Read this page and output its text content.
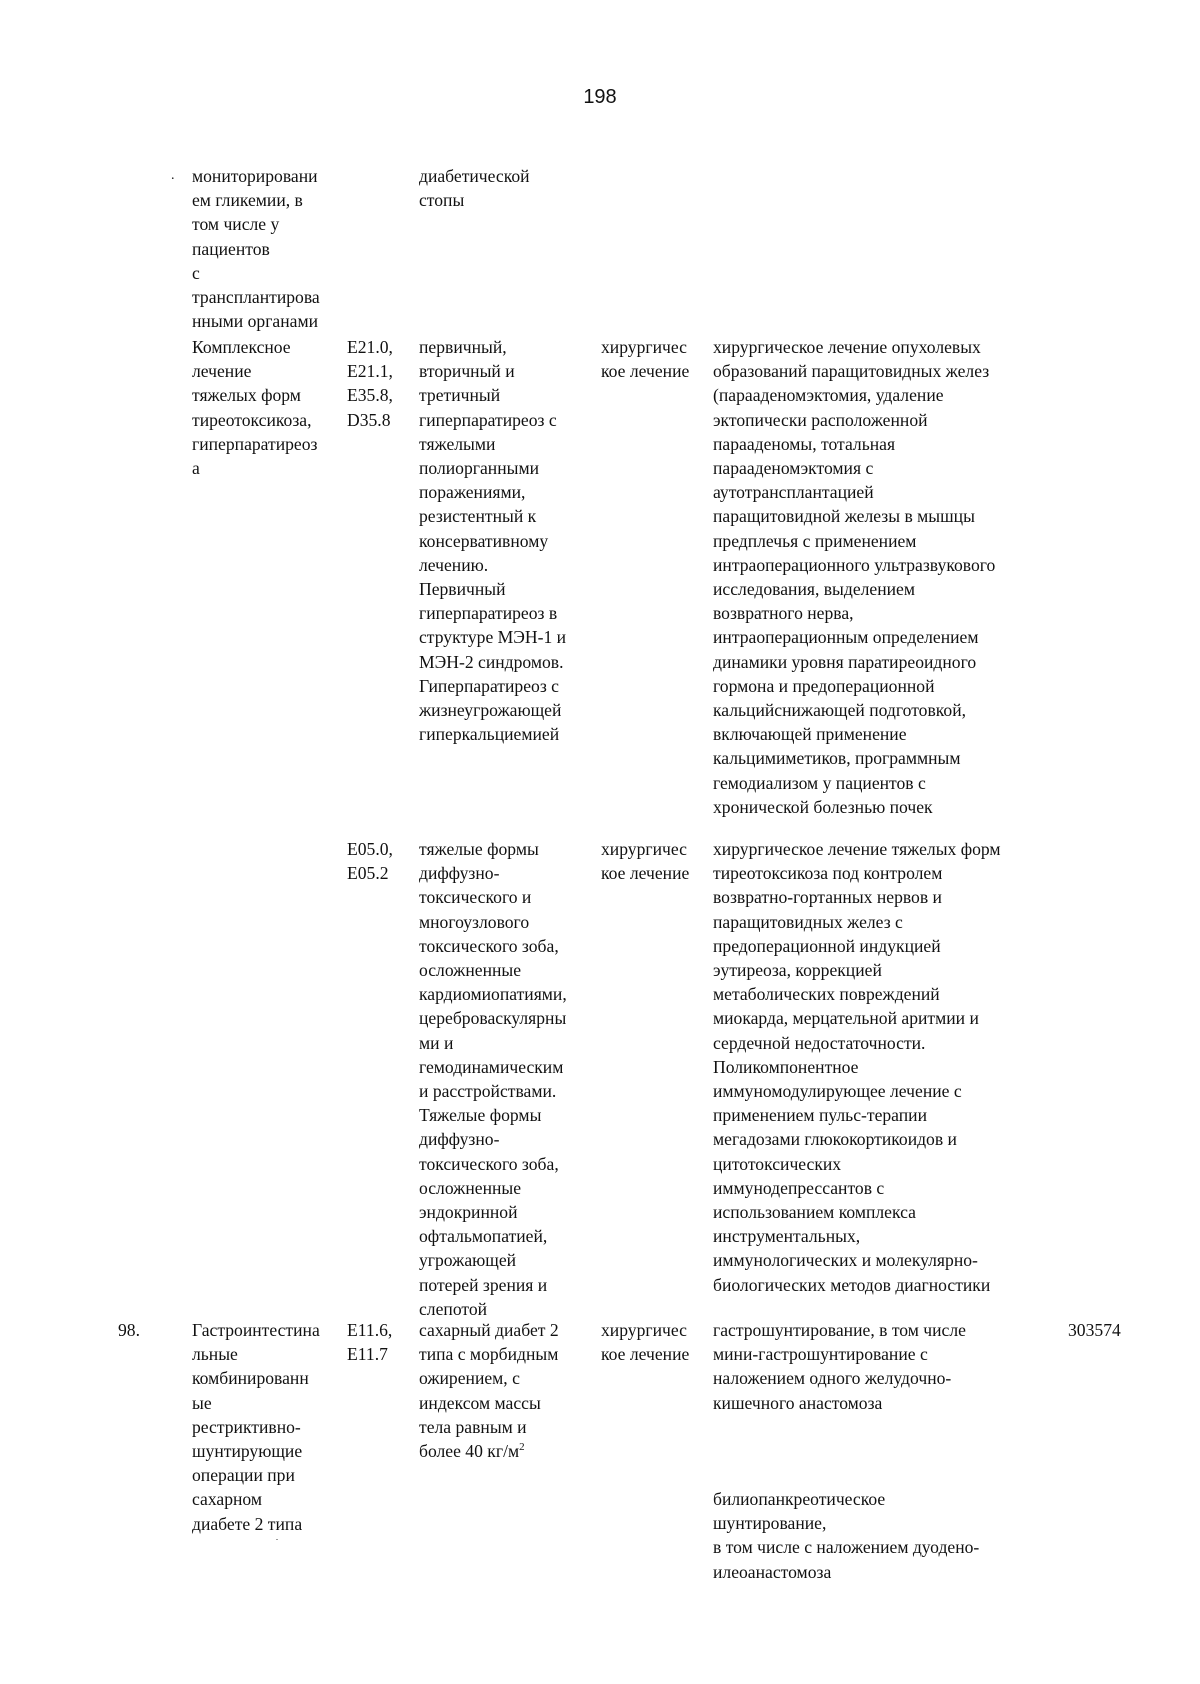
198
. мониторировани
ем гликемии, в
том числе у
пациентов
с
трансплантирова
нными органами
диабетической
стопы
Комплексное
лечение
тяжелых форм
тиреотоксикоза,
гиперпаратиреоз
а
E21.0,
E21.1,
E35.8,
D35.8
первичный,
вторичный и
третичный
гиперпаратиреоз с
тяжелыми
полиорганными
поражениями,
резистентный к
консервативному
лечению.
Первичный
гиперпаратиреоз в
структуре МЭН-1 и
МЭН-2 синдромов.
Гиперпаратиреоз с
жизнеугрожающей
гиперкальциемией
хирургичес
кое лечение
хирургическое лечение опухолевых
образований паращитовидных желез
(парааденомэктомия, удаление
эктопически расположенной
парааденомы, тотальная
парааденомэктомия с
аутотрансплантацией
паращитовидной железы в мышцы
предплечья с применением
интраоперационного ультразвукового
исследования, выделением
возвратного нерва,
интраоперационным определением
динамики уровня паратиреоидного
гормона и предоперационной
кальцийснижающей подготовкой,
включающей применение
кальцимиметиков, программным
гемодиализом у пациентов с
хронической болезнью почек
E05.0,
E05.2
тяжелые формы
диффузно-
токсического и
многоузлового
токсического зоба,
осложненные
кардиомиопатиями,
цереброваскулярны
ми и
гемодинамическим
и расстройствами.
Тяжелые формы
диффузно-
токсического зоба,
осложненные
эндокринной
офтальмопатией,
угрожающей
потерей зрения и
слепотой
хирургичес
кое лечение
хирургическое лечение тяжелых форм
тиреотоксикоза под контролем
возвратно-гортанных нервов и
паращитовидных желез с
предоперационной индукцией
эутиреоза, коррекцией
метаболических повреждений
миокарда, мерцательной аритмии и
сердечной недостаточности.
Поликомпонентное
иммуномодулирующее лечение с
применением пульс-терапии
мегадозами глюкокортикоидов и
цитотоксических
иммунодепрессантов с
использованием комплекса
инструментальных,
иммунологических и молекулярно-
биологических методов диагностики
98.	Гастроинтестина
льные
комбинированн
ые
рестриктивно-
шунтирующие
операции при
сахарном
диабете 2 типа
E11.6,
E11.7
сахарный диабет 2
типа с морбидным
ожирением, с
индексом массы
тела равным и
более 40 $кг/м^2$
хирургичес
кое лечение
гастрошунтирование, в том числе
мини-гастрошунтирование с
наложением одного желудочно-
кишечного анастомоза
билиопанкреотическое
шунтирование,
в том числе с наложением дуодено-
илеоанастомоза
303574
